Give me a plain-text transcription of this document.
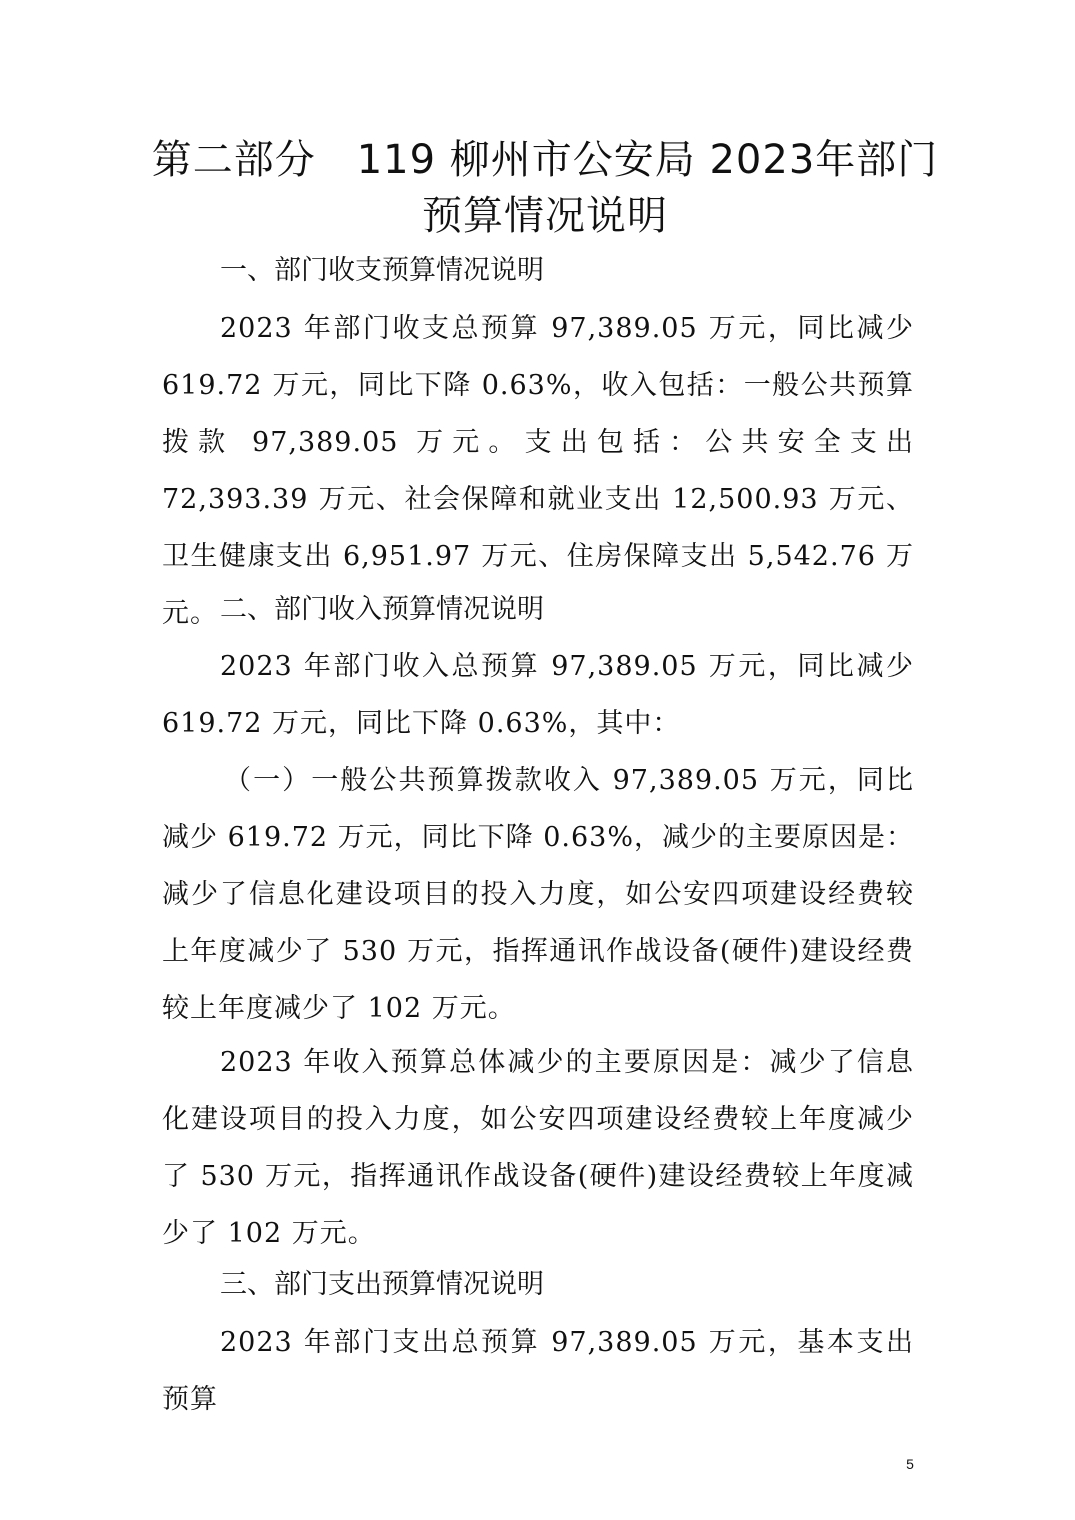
第二部分　119 柳州市公安局 2023年部门
预算情况说明
一、部门收支预算情况说明
2023 年部门收支总预算 97,389.05 万元，同比减少 619.72 万元，同比下降 0.63%，收入包括：一般公共预算拨款 97,389.05 万元。支出包括：公共安全支出 72,393.39 万元、社会保障和就业支出 12,500.93 万元、卫生健康支出 6,951.97 万元、住房保障支出 5,542.76 万元。 二、部门收入预算情况说明
2023 年部门收入总预算 97,389.05 万元，同比减少 619.72 万元，同比下降 0.63%，其中：
（一）一般公共预算拨款收入 97,389.05 万元，同比减少 619.72 万元，同比下降 0.63%，减少的主要原因是：减少了信息化建设项目的投入力度，如公安四项建设经费较上年度减少了 530 万元，指挥通讯作战设备(硬件)建设经费较上年度减少了 102 万元。
2023 年收入预算总体减少的主要原因是：减少了信息化建设项目的投入力度，如公安四项建设经费较上年度减少了 530 万元，指挥通讯作战设备(硬件)建设经费较上年度减少了 102 万元。
三、部门支出预算情况说明
2023 年部门支出总预算 97,389.05 万元，基本支出预算
5
